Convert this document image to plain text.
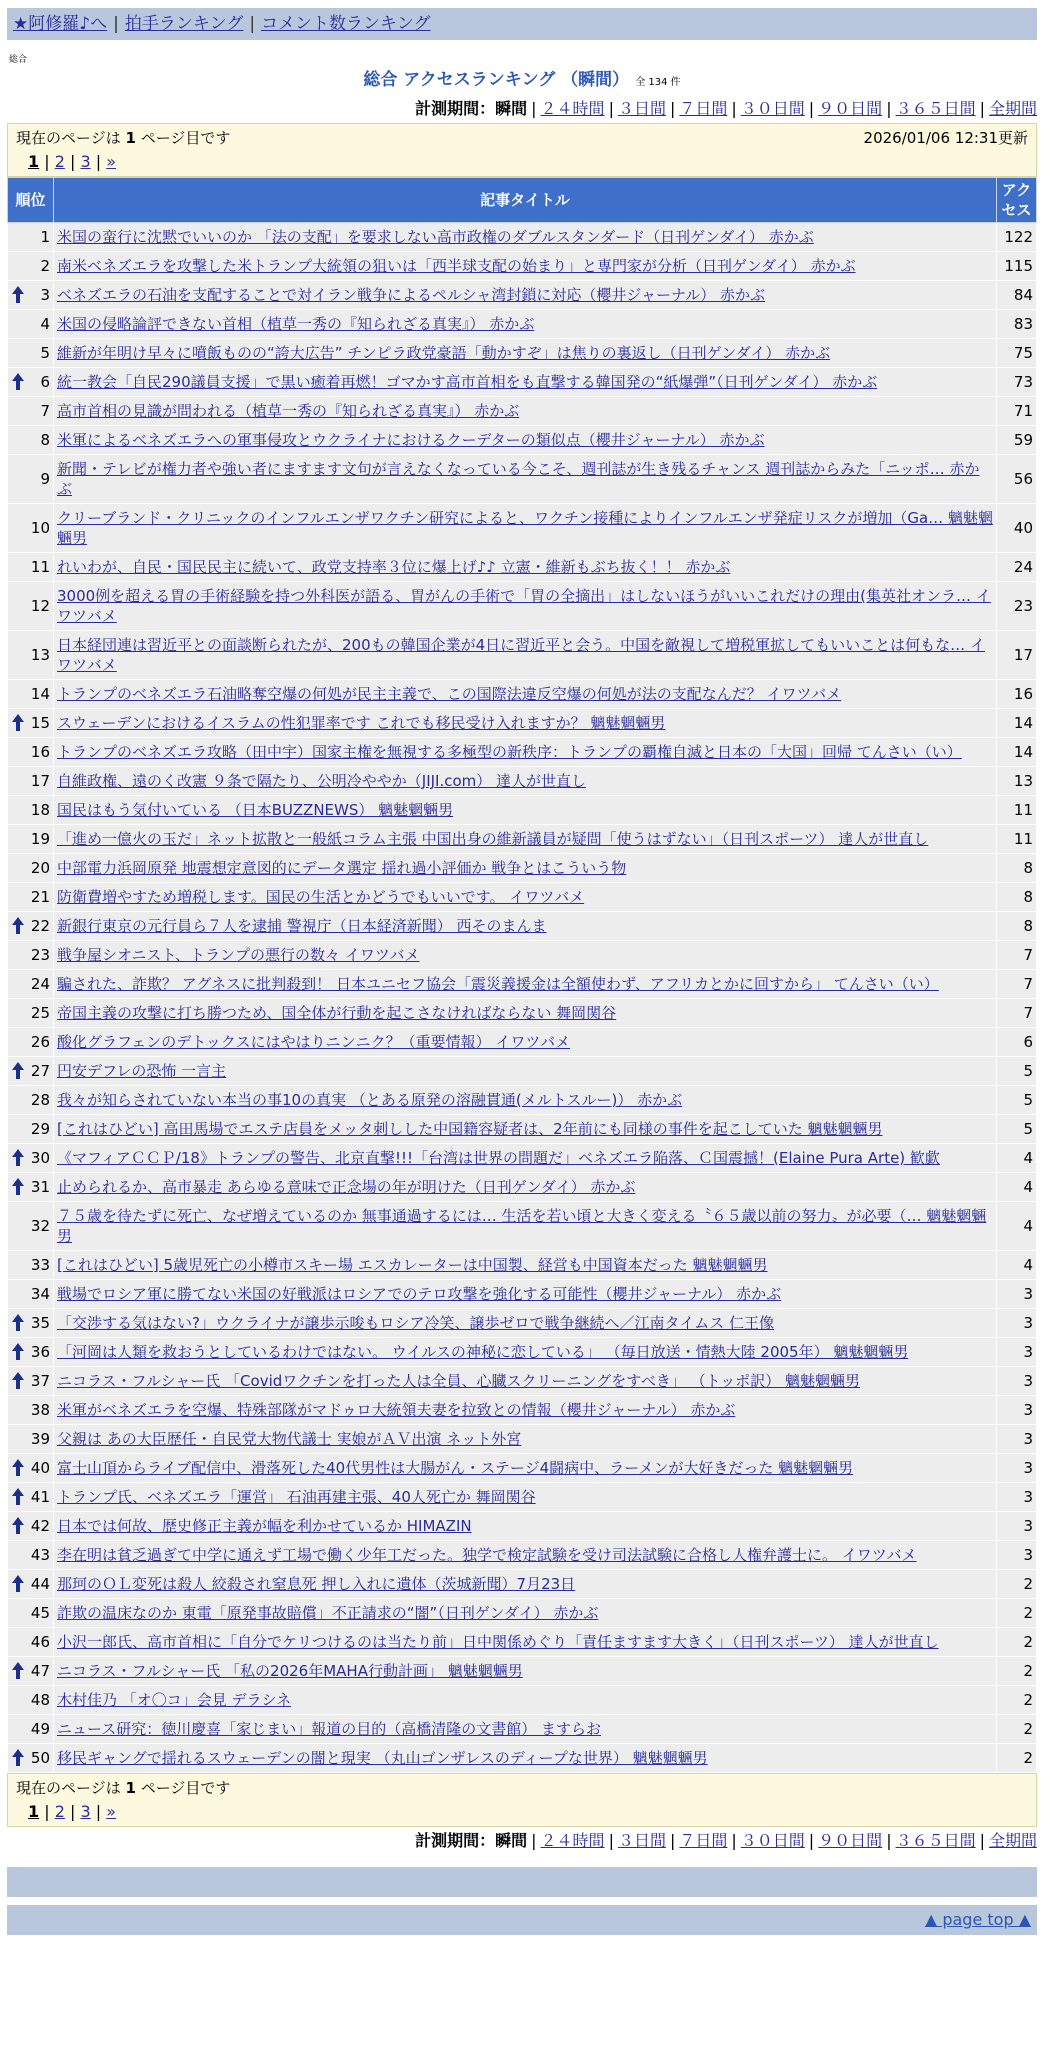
★阿修羅♪へ | 拍手ランキング | コメント数ランキング
総合
総合 アクセスランキング （瞬間） 全 134 件
計測期間：瞬間 | ２４時間 | ３日間 | ７日間 | ３０日間 | ９０日間 | ３６５日間 | 全期間
現在のページは 1 ページ目です	2026/01/06 12:31更新
1 | 2 | 3 | »
順位	記事タイトル	アクセス
1	米国の蛮行に沈黙でいいのか 「法の支配」を要求しない高市政権のダブルスタンダード（日刊ゲンダイ） 赤かぶ	122
2	南米ベネズエラを攻撃した米トランプ大統領の狙いは「西半球支配の始まり」と専門家が分析（日刊ゲンダイ） 赤かぶ	115

3	ベネズエラの石油を支配することで対イラン戦争によるペルシャ湾封鎖に対応（櫻井ジャーナル） 赤かぶ	84
4	米国の侵略論評できない首相（植草一秀の『知られざる真実』） 赤かぶ	83
5	維新が年明け早々に噴飯ものの“誇大広告” チンピラ政党豪語「動かすぞ」は焦りの裏返し（日刊ゲンダイ） 赤かぶ	75

6	統一教会「自民290議員支援」で黒い癒着再燃！ゴマかす高市首相をも直撃する韓国発の“紙爆弾”（日刊ゲンダイ） 赤かぶ	73
7	高市首相の見識が問われる（植草一秀の『知られざる真実』） 赤かぶ	71
8	米軍によるベネズエラへの軍事侵攻とウクライナにおけるクーデターの類似点（櫻井ジャーナル） 赤かぶ	59
9	新聞・テレビが権力者や強い者にますます文句が言えなくなっている今こそ、週刊誌が生き残るチャンス 週刊誌からみた「ニッポ… 赤かぶ	56
10	クリーブランド・クリニックのインフルエンザワクチン研究によると、ワクチン接種によりインフルエンザ発症リスクが増加（Ga… 魑魅魍魎男	40
11	れいわが、自民・国民民主に続いて、政党支持率３位に爆上げ♪♪ 立憲・維新もぶち抜く！！ 赤かぶ	24
12	3000例を超える胃の手術経験を持つ外科医が語る、胃がんの手術で「胃の全摘出」はしないほうがいいこれだけの理由(集英社オンラ… イワツバメ	23
13	日本経団連は習近平との面談断られたが、200もの韓国企業が4日に習近平と会う。中国を敵視して増税軍拡してもいいことは何もな… イワツバメ	17
14	トランプのベネズエラ石油略奪空爆の何処が民主主義で、この国際法違反空爆の何処が法の支配なんだ？ イワツバメ	16

15	スウェーデンにおけるイスラムの性犯罪率です これでも移民受け入れますか？ 魑魅魍魎男	14
16	トランプのベネズエラ攻略（田中宇）国家主権を無視する多極型の新秩序：トランプの覇権自滅と日本の「大国」回帰 てんさい（い）	14
17	自維政権、遠のく改憲 ９条で隔たり、公明冷ややか（JIJI.com） 達人が世直し	13
18	国民はもう気付いている （日本BUZZNEWS） 魑魅魍魎男	11
19	「進め一億火の玉だ」ネット拡散と一般紙コラム主張 中国出身の維新議員が疑問「使うはずない」（日刊スポーツ） 達人が世直し	11
20	中部電力浜岡原発 地震想定意図的にデータ選定 揺れ過小評価か 戦争とはこういう物	8
21	防衛費増やすため増税します。国民の生活とかどうでもいいです。 イワツバメ	8

22	新銀行東京の元行員ら７人を逮捕 警視庁（日本経済新聞） 西そのまんま	8
23	戦争屋シオニスト、トランプの悪行の数々 イワツバメ	7
24	騙された、詐欺？ アグネスに批判殺到！ 日本ユニセフ協会「震災義援金は全額使わず、アフリカとかに回すから」 てんさい（い）	7
25	帝国主義の攻撃に打ち勝つため、国全体が行動を起こさなければならない 舞岡関谷	7
26	酸化グラフェンのデトックスにはやはりニンニク？（重要情報） イワツバメ	6

27	円安デフレの恐怖 一言主	5
28	我々が知らされていない本当の事10の真実 （とある原発の溶融貫通(メルトスルー)） 赤かぶ	5
29	[これはひどい] 高田馬場でエステ店員をメッタ刺しした中国籍容疑者は、2年前にも同様の事件を起こしていた 魑魅魍魎男	5

30	《マフィアＣＣＰ/18》トランプの警告、北京直撃!!!「台湾は世界の問題だ」ベネズエラ陥落、Ｃ国震撼！(Elaine Pura Arte) 歓歔	4

31	止められるか、高市暴走 あらゆる意味で正念場の年が明けた（日刊ゲンダイ） 赤かぶ	4
32	７５歳を待たずに死亡、なぜ増えているのか 無事通過するには… 生活を若い頃と大きく変える〝６５歳以前の努力〟が必要（… 魑魅魍魎男	4
33	[これはひどい] 5歳児死亡の小樽市スキー場 エスカレーターは中国製、経営も中国資本だった 魑魅魍魎男	4
34	戦場でロシア軍に勝てない米国の好戦派はロシアでのテロ攻撃を強化する可能性（櫻井ジャーナル） 赤かぶ	3

35	「交渉する気はない?」ウクライナが譲歩示唆もロシア冷笑、譲歩ゼロで戦争継続へ／江南タイムス 仁王像	3

36	「河岡は人類を救おうとしているわけではない。 ウイルスの神秘に恋している」 （毎日放送・情熱大陸 2005年） 魑魅魍魎男	3

37	ニコラス・フルシャー氏 「Covidワクチンを打った人は全員、心臓スクリーニングをすべき」 （トッポ訳） 魑魅魍魎男	3
38	米軍がベネズエラを空爆、特殊部隊がマドゥロ大統領夫妻を拉致との情報（櫻井ジャーナル） 赤かぶ	3
39	父親は あの大臣歴任・自民党大物代議士 実娘がＡＶ出演 ネット外宮	3

40	富士山頂からライブ配信中、滑落死した40代男性は大腸がん・ステージ4闘病中、ラーメンが大好きだった 魑魅魍魎男	3

41	トランプ氏、ベネズエラ「運営」 石油再建主張、40人死亡か 舞岡関谷	3

42	日本では何故、歴史修正主義が幅を利かせているか HIMAZIN	3
43	李在明は貧乏過ぎて中学に通えず工場で働く少年工だった。独学で検定試験を受け司法試験に合格し人権弁護士に。 イワツバメ	3

44	那珂のＯＬ変死は殺人 絞殺され窒息死 押し入れに遺体（茨城新聞）7月23日	2
45	詐欺の温床なのか 東電「原発事故賠償」不正請求の“闇”（日刊ゲンダイ） 赤かぶ	2
46	小沢一郎氏、高市首相に「自分でケリつけるのは当たり前」日中関係めぐり「責任ますます大きく」（日刊スポーツ） 達人が世直し	2

47	ニコラス・フルシャー氏 「私の2026年MAHA行動計画」 魑魅魍魎男	2
48	木村佳乃 「オ〇コ」会見 デラシネ	2
49	ニュース研究：徳川慶喜「家じまい」報道の目的（高橋清隆の文書館） ますらお	2

50	移民ギャングで揺れるスウェーデンの闇と現実 （丸山ゴンザレスのディープな世界） 魑魅魍魎男	2
現在のページは 1 ページ目です
1 | 2 | 3 | »
計測期間：瞬間 | ２４時間 | ３日間 | ７日間 | ３０日間 | ９０日間 | ３６５日間 | 全期間
▲ page top ▲
